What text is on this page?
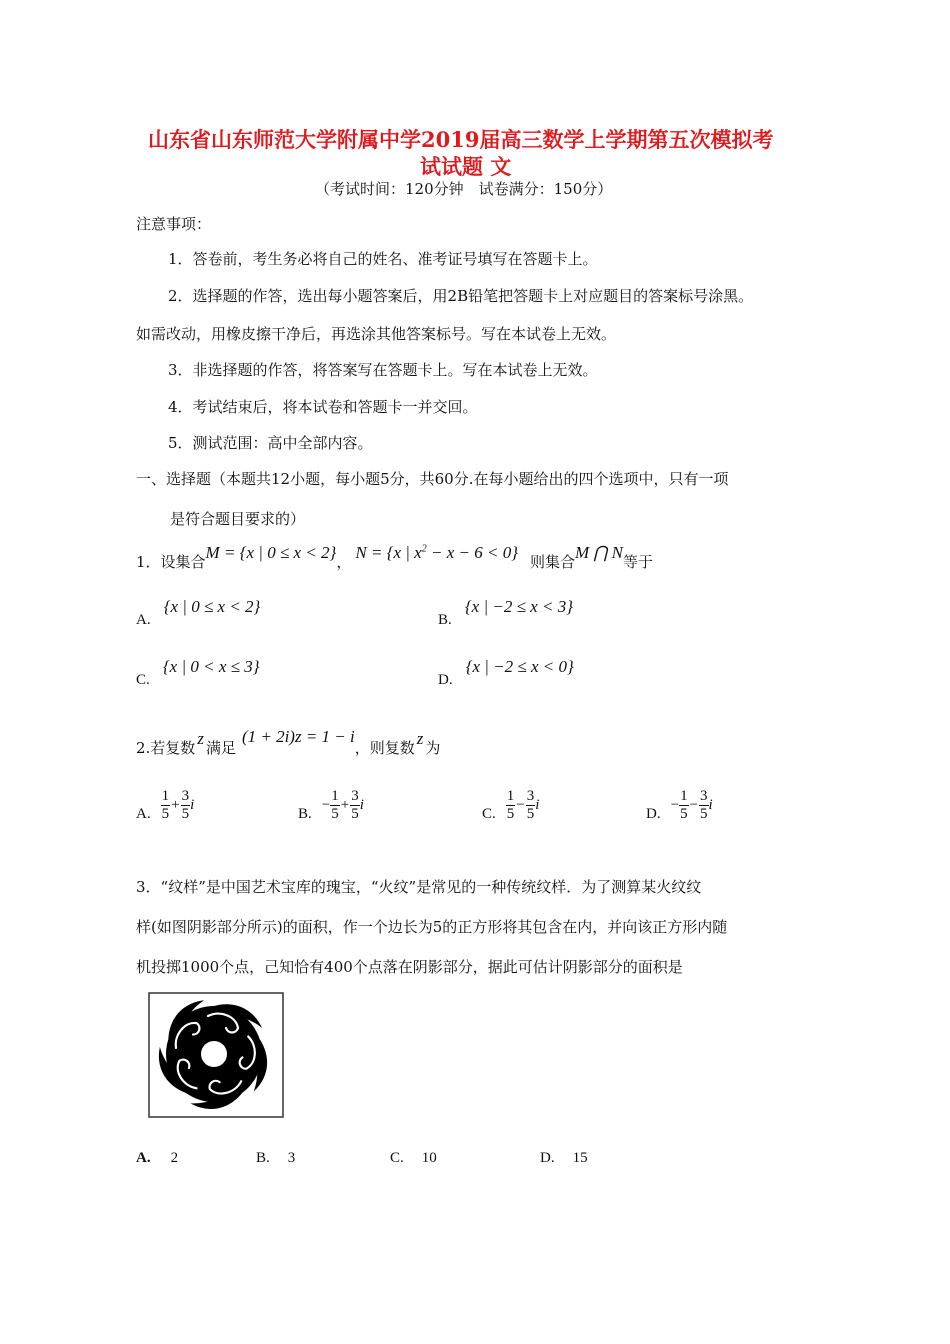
山东省山东师范大学附属中学2019届高三数学上学期第五次模拟考
试试题 文
（考试时间：120分钟　试卷满分：150分）
注意事项：
1．答卷前，考生务必将自己的姓名、准考证号填写在答题卡上。
2．选择题的作答，选出每小题答案后，用2B铅笔把答题卡上对应题目的答案标号涂黑。
如需改动，用橡皮擦干净后，再选涂其他答案标号。写在本试卷上无效。
3．非选择题的作答，将答案写在答题卡上。写在本试卷上无效。
4．考试结束后，将本试卷和答题卡一并交回。
5．测试范围：高中全部内容。
一、选择题（本题共12小题，每小题5分，共60分.在每小题给出的四个选项中，只有一项
是符合题目要求的）
1．设集合 M = {x | 0 ≤ x < 2} ， N = {x | $x^2 - x - 6 < 0$} 则集合 M ⋂ N 等于
A. {x | 0 ≤ x < 2}
B. {x | −2 ≤ x < 3}
C. {x | 0 < x ≤ 3}
D. {x | −2 ≤ x < 0}
2.若复数 z 满足
(1 + 2i)z = 1 − i
，则复数 z 为
A. $\frac{1}{5} + \frac{3}{5}$ i
B.
− $\frac{1}{5} + \frac{3}{5}$ i
C. $\frac{1}{5} - \frac{3}{5}$ i
D.
− $\frac{1}{5} - \frac{3}{5}$ i
3．“纹样”是中国艺术宝库的瑰宝，“火纹”是常见的一种传统纹样．为了测算某火纹纹
样(如图阴影部分所示)的面积，作一个边长为5的正方形将其包含在内，并向该正方形内随
机投掷1000个点，己知恰有400个点落在阴影部分，据此可估计阴影部分的面积是
A. 2	B. 3	C. 10	D. 15
